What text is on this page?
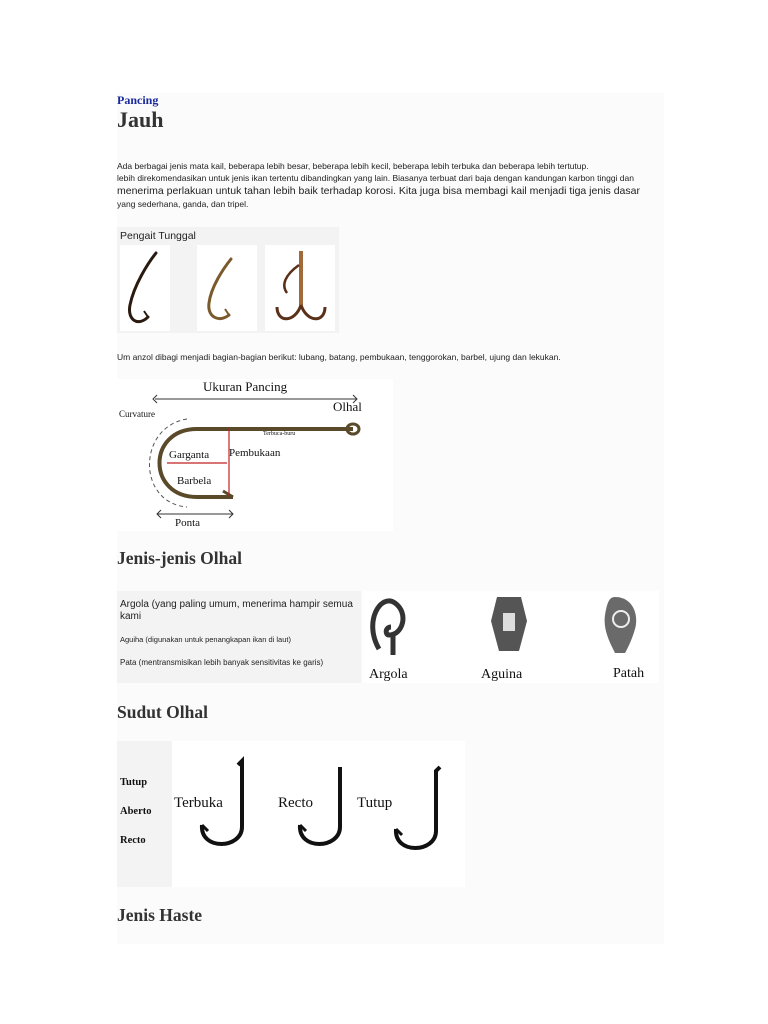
Pancing
Jauh
Ada berbagai jenis mata kail, beberapa lebih besar, beberapa lebih kecil, beberapa lebih terbuka dan beberapa lebih tertutup.
lebih direkomendasikan untuk jenis ikan tertentu dibandingkan yang lain. Biasanya terbuat dari baja dengan kandungan karbon tinggi dan
menerima perlakuan untuk tahan lebih baik terhadap korosi. Kita juga bisa membagi kail menjadi tiga jenis dasar
yang sederhana, ganda, dan tripel.
Pengait Tunggal
Um anzol dibagi menjadi bagian-bagian berikut: lubang, batang, pembukaan, tenggorokan, barbel, ujung dan lekukan.
Ukuran Pancing
Olhal
Curvature
Terbuca-buru
Garganta Pembukaan
Barbela
Ponta
Jenis-jenis Olhal
Argola (yang paling umum, menerima hampir semua kami
Aguiha (digunakan untuk penangkapan ikan di laut)
Pata (mentransmisikan lebih banyak sensitivitas ke garis)
Argola	Aguina	Patah
Sudut Olhal
Tutup
Aberto
Recto
Terbuka	Recto	Tutup
Jenis Haste
